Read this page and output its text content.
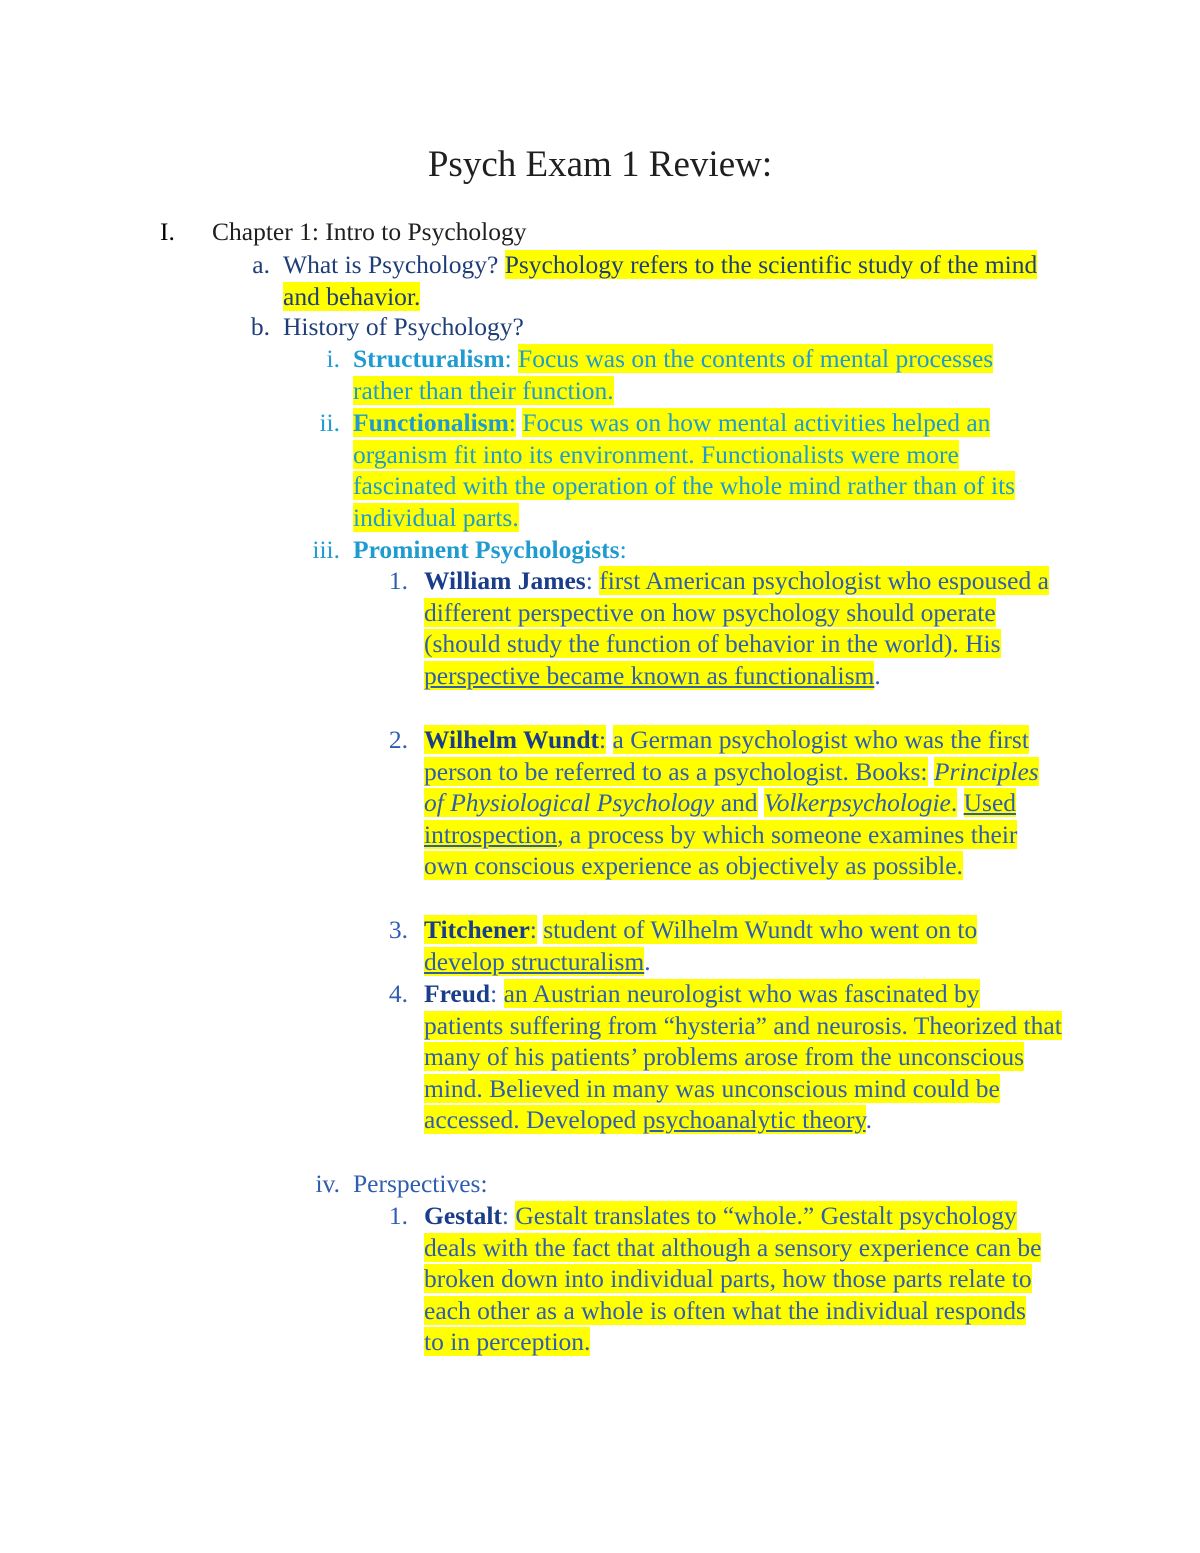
Psych Exam 1 Review:
I. Chapter 1: Intro to Psychology
a. What is Psychology? Psychology refers to the scientific study of the mind and behavior.
b. History of Psychology?
i. Structuralism: Focus was on the contents of mental processes rather than their function.
ii. Functionalism: Focus was on how mental activities helped an organism fit into its environment. Functionalists were more fascinated with the operation of the whole mind rather than of its individual parts.
iii. Prominent Psychologists:
1. William James: first American psychologist who espoused a different perspective on how psychology should operate (should study the function of behavior in the world). His perspective became known as functionalism.
2. Wilhelm Wundt: a German psychologist who was the first person to be referred to as a psychologist. Books: Principles of Physiological Psychology and Volkerpsychologie. Used introspection, a process by which someone examines their own conscious experience as objectively as possible.
3. Titchener: student of Wilhelm Wundt who went on to develop structuralism.
4. Freud: an Austrian neurologist who was fascinated by patients suffering from “hysteria” and neurosis. Theorized that many of his patients’ problems arose from the unconscious mind. Believed in many was unconscious mind could be accessed. Developed psychoanalytic theory.
iv. Perspectives:
1. Gestalt: Gestalt translates to “whole.” Gestalt psychology deals with the fact that although a sensory experience can be broken down into individual parts, how those parts relate to each other as a whole is often what the individual responds to in perception.
